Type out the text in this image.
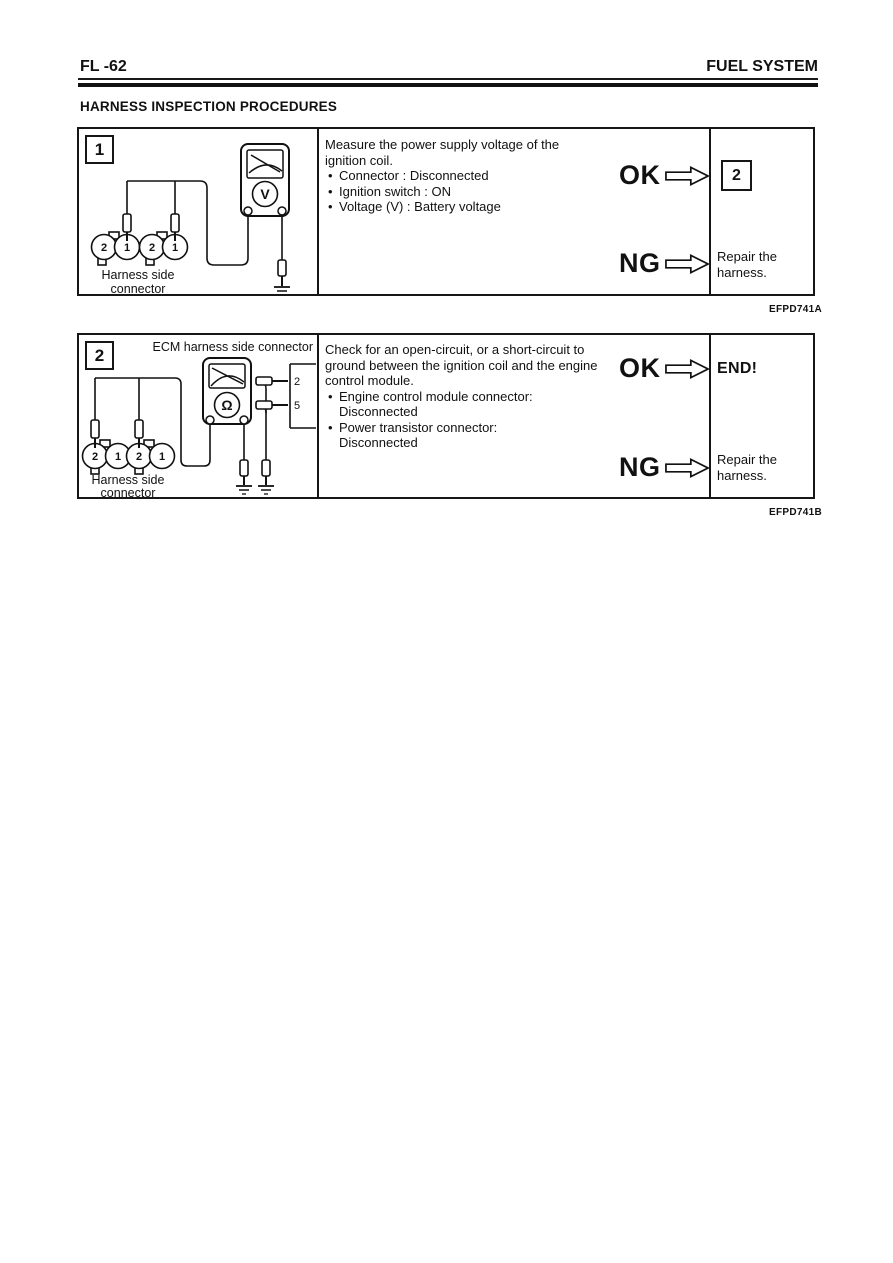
FL -62	FUEL SYSTEM
HARNESS INSPECTION PROCEDURES
V
2 1 2 1
Harness side
connector
1	Measure the power supply voltage of the ignition coil.
•
Connector : Disconnected
•
Ignition switch : ON
•
Voltage (V) : Battery voltage
OK	2
NG	Repair the
harness.
EFPD741A
ECM harness side connector
Ω
2 1 2 1
2
5
Harness side
connector
2	Check for an open-circuit, or a short-circuit to ground between the ignition coil and the engine control module.
•
Engine control module connector:
Disconnected
•
Power transistor connector:
Disconnected
OK	END!
NG	Repair the
harness.
EFPD741B
